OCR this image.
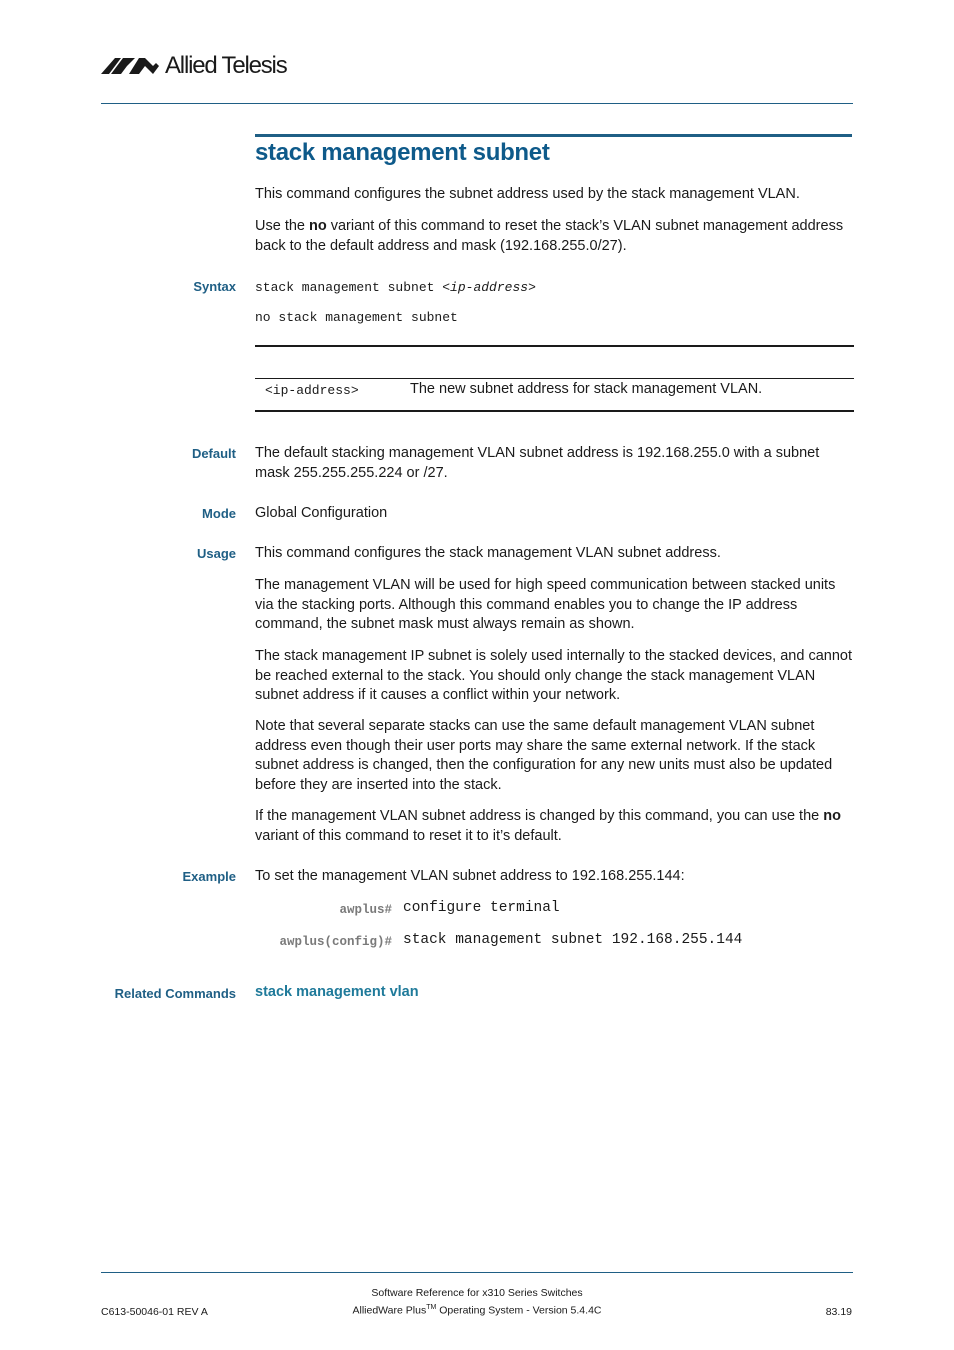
Allied Telesis
stack management subnet
This command configures the subnet address used by the stack management VLAN.
Use the no variant of this command to reset the stack’s VLAN subnet management address back to the default address and mask (192.168.255.0/27).
Syntax stack management subnet <ip-address>
no stack management subnet
<ip-address>	The new subnet address for stack management VLAN.
Default The default stacking management VLAN subnet address is 192.168.255.0 with a subnet mask 255.255.255.224 or /27.
Mode Global Configuration
Usage This command configures the stack management VLAN subnet address.
The management VLAN will be used for high speed communication between stacked units via the stacking ports. Although this command enables you to change the IP address command, the subnet mask must always remain as shown.
The stack management IP subnet is solely used internally to the stacked devices, and cannot be reached external to the stack. You should only change the stack management VLAN subnet address if it causes a conflict within your network.
Note that several separate stacks can use the same default management VLAN subnet address even though their user ports may share the same external network. If the stack subnet address is changed, then the configuration for any new units must also be updated before they are inserted into the stack.
If the management VLAN subnet address is changed by this command, you can use the no variant of this command to reset it to it’s default.
Example To set the management VLAN subnet address to 192.168.255.144:
awplus# configure terminal
awplus(config)# stack management subnet 192.168.255.144
Related Commands stack management vlan
C613-50046-01 REV A
Software Reference for x310 Series Switches
AlliedWare Plus™ Operating System - Version 5.4.4C	83.19
